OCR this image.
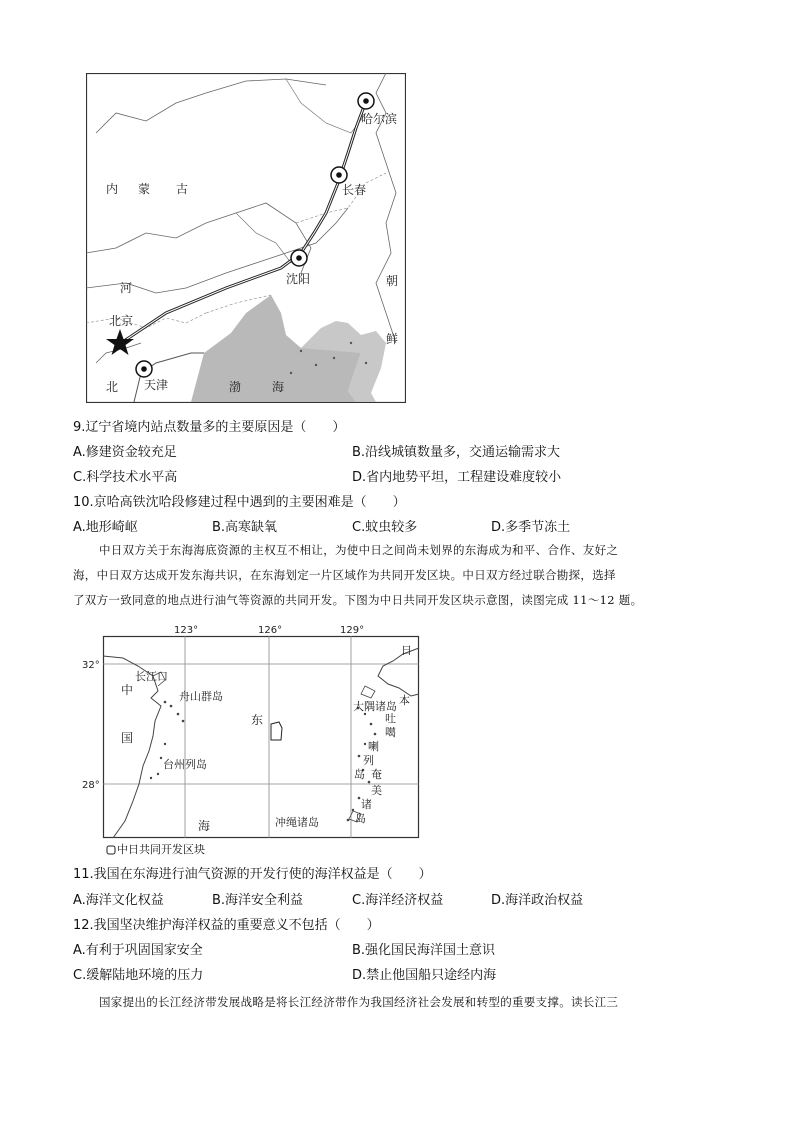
哈尔滨
长春
沈阳
北京
天津
内 蒙 古
河
北	渤	海
朝
鲜
9.辽宁省境内站点数量多的主要原因是（　　）
A.修建资金较充足	B.沿线城镇数量多，交通运输需求大
C.科学技术水平高	D.省内地势平坦，工程建设难度较小
10.京哈高铁沈哈段修建过程中遇到的主要困难是（　　）
A.地形崎岖	B.高寒缺氧	C.蚊虫较多	D.多季节冻土
中日双方关于东海海底资源的主权互不相让，为使中日之间尚未划界的东海成为和平、合作、友好之
海，中日双方达成开发东海共识，在东海划定一片区域作为共同开发区块。中日双方经过联合勘探，选择
了双方一致同意的地点进行油气等资源的共同开发。下图为中日共同开发区块示意图，读图完成 11～12 题。
123°	126°	129°
32°
28°
长江口
舟山群岛
台州列岛
中
国
东
海
日
本
大隅诸岛
吐
噶
喇
列
岛 奄
美
诸
岛
冲绳诸岛
中日共同开发区块
11.我国在东海进行油气资源的开发行使的海洋权益是（　　）
A.海洋文化权益	B.海洋安全利益	C.海洋经济权益	D.海洋政治权益
12.我国坚决维护海洋权益的重要意义不包括（　　）
A.有利于巩固国家安全	B.强化国民海洋国土意识
C.缓解陆地环境的压力	D.禁止他国船只途经内海
国家提出的长江经济带发展战略是将长江经济带作为我国经济社会发展和转型的重要支撑。读长江三
